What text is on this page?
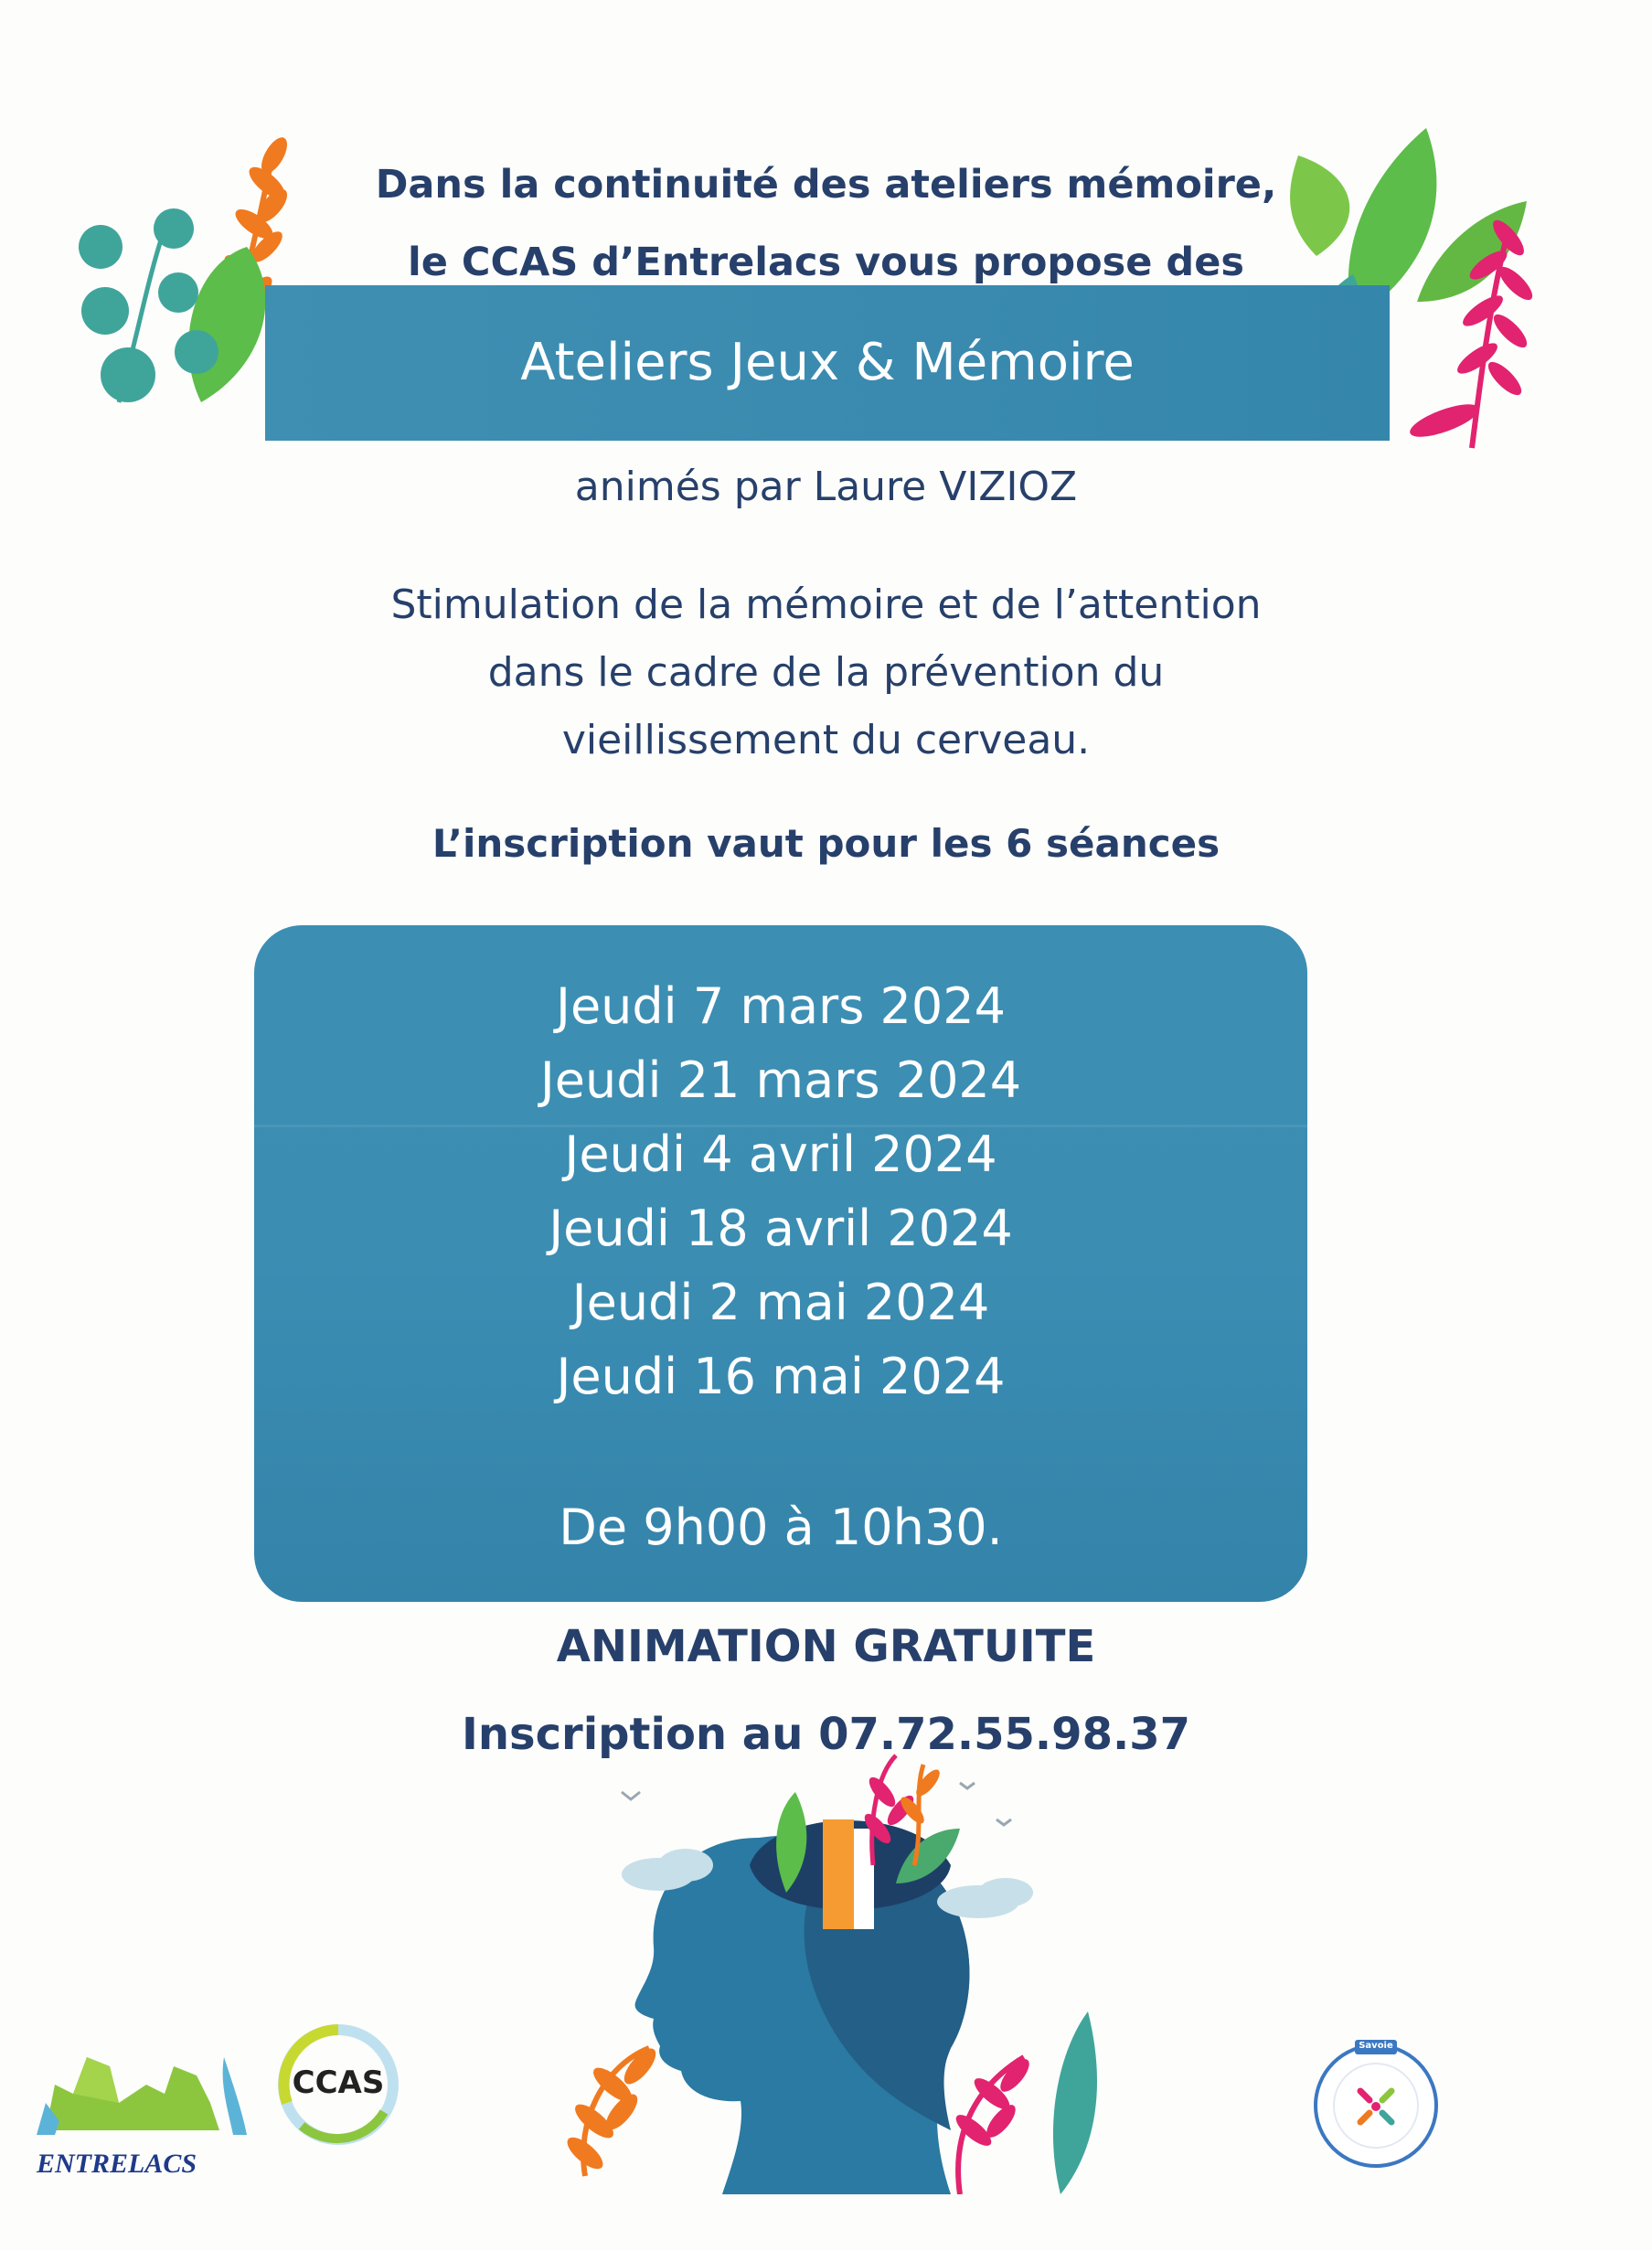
Dans la continuité des ateliers mémoire,
le CCAS d’Entrelacs vous propose des
Ateliers Jeux & Mémoire
animés par Laure VIZIOZ
Stimulation de la mémoire et de l’attention
dans le cadre de la prévention du
vieillissement du cerveau.
L’inscription vaut pour les 6 séances
Jeudi 7 mars 2024
Jeudi 21 mars 2024
Jeudi 4 avril 2024
Jeudi 18 avril 2024
Jeudi 2 mai 2024
Jeudi 16 mai 2024
De 9h00 à 10h30.
ANIMATION GRATUITE
Inscription au 07.72.55.98.37
ENTRELACS
CCAS
Savoie
